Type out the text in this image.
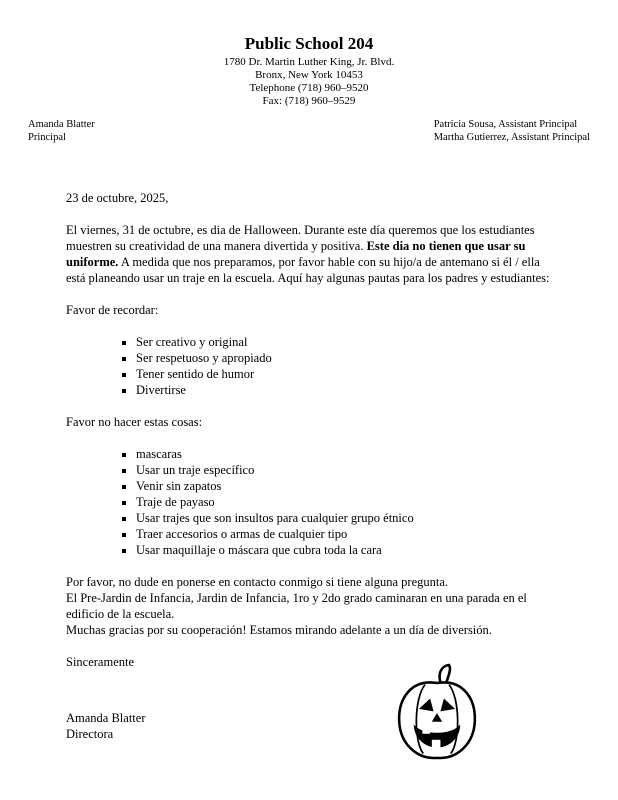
Public School 204
1780 Dr. Martin Luther King, Jr. Blvd.
Bronx, New York 10453
Telephone (718) 960–9520
Fax: (718) 960–9529
Amanda Blatter
Principal
Patricia Sousa, Assistant Principal
Martha Gutierrez, Assistant Principal

23 de octubre, 2025,

El viernes, 31 de octubre, es dia de Halloween. Durante este día queremos que los estudiantes muestren su creatividad de una manera divertida y positiva. Este dia no tienen que usar su uniforme. A medida que nos preparamos, por favor hable con su hijo/a de antemano si él / ella está planeando usar un traje en la escuela. Aquí hay algunas pautas para los padres y estudiantes:

Favor de recordar:

▪ Ser creativo y original
▪ Ser respetuoso y apropiado
▪ Tener sentido de humor
▪ Divertirse

Favor no hacer estas cosas:

▪ mascaras
▪ Usar un traje específico
▪ Venir sin zapatos
▪ Traje de payaso
▪ Usar trajes que son insultos para cualquier grupo étnico
▪ Traer accesorios o armas de cualquier tipo
▪ Usar maquillaje o máscara que cubra toda la cara

Por favor, no dude en ponerse en contacto conmigo si tiene alguna pregunta.

El Pre-Jardin de Infancia, Jardin de Infancia, 1ro y 2do grado caminaran en una parada en el edificio de la escuela.

Muchas gracias por su cooperación! Estamos mirando adelante a un día de diversión.

Sinceramente

Amanda Blatter

Directora
